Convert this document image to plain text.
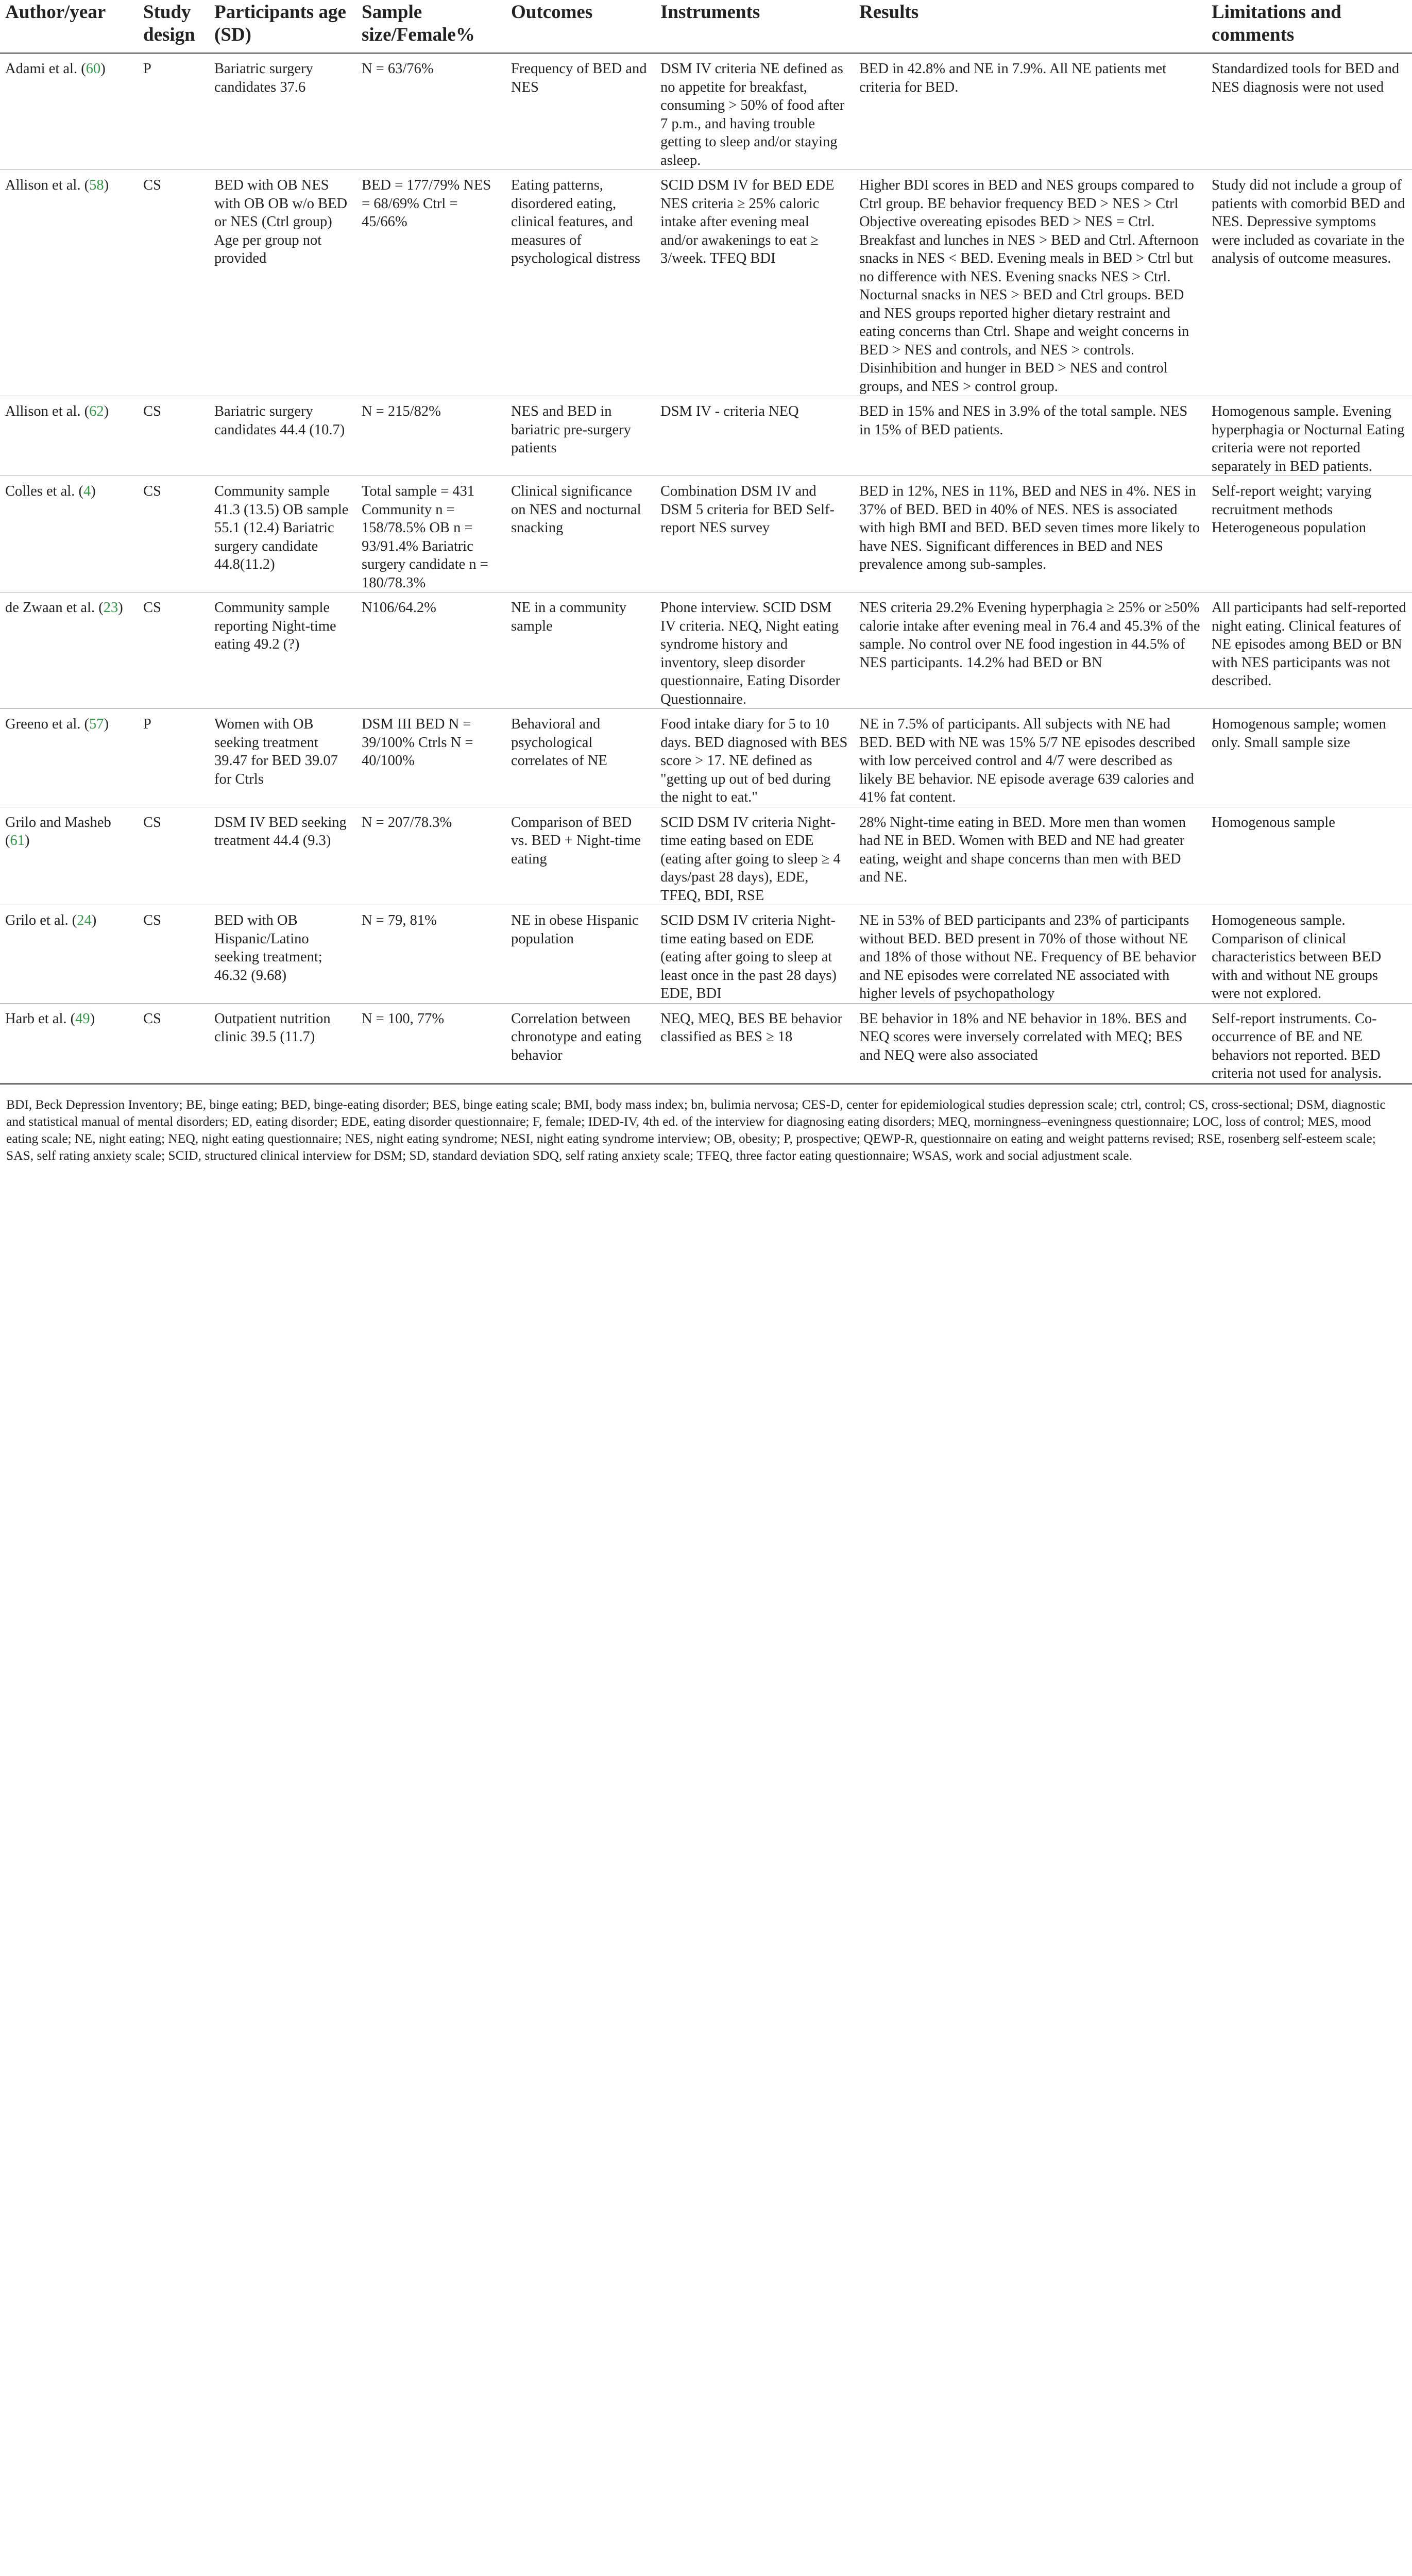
Author/year	Study design	Participants age (SD)	Sample size/Female%	Outcomes	Instruments	Results	Limitations and comments
Adami et al. (60)	P	Bariatric surgery candidates 37.6	N = 63/76%	Frequency of BED and NES	DSM IV criteria NE defined as no appetite for breakfast, consuming > 50% of food after 7 p.m., and having trouble getting to sleep and/or staying asleep.	BED in 42.8% and NE in 7.9%. All NE patients met criteria for BED.	Standardized tools for BED and NES diagnosis were not used
Allison et al. (58)	CS	BED with OB NES with OB OB w/o BED or NES (Ctrl group) Age per group not provided	BED = 177/79% NES = 68/69% Ctrl = 45/66%	Eating patterns, disordered eating, clinical features, and measures of psychological distress	SCID DSM IV for BED EDE NES criteria ≥ 25% caloric intake after evening meal and/or awakenings to eat ≥ 3/week. TFEQ BDI	Higher BDI scores in BED and NES groups compared to Ctrl group. BE behavior frequency BED > NES > Ctrl Objective overeating episodes BED > NES = Ctrl. Breakfast and lunches in NES > BED and Ctrl. Afternoon snacks in NES < BED. Evening meals in BED > Ctrl but no difference with NES. Evening snacks NES > Ctrl. Nocturnal snacks in NES > BED and Ctrl groups. BED and NES groups reported higher dietary restraint and eating concerns than Ctrl. Shape and weight concerns in BED > NES and controls, and NES > controls. Disinhibition and hunger in BED > NES and control groups, and NES > control group.	Study did not include a group of patients with comorbid BED and NES. Depressive symptoms were included as covariate in the analysis of outcome measures.
Allison et al. (62)	CS	Bariatric surgery candidates 44.4 (10.7)	N = 215/82%	NES and BED in bariatric pre-surgery patients	DSM IV - criteria NEQ	BED in 15% and NES in 3.9% of the total sample. NES in 15% of BED patients.	Homogenous sample. Evening hyperphagia or Nocturnal Eating criteria were not reported separately in BED patients.
Colles et al. (4)	CS	Community sample 41.3 (13.5) OB sample 55.1 (12.4) Bariatric surgery candidate 44.8(11.2)	Total sample = 431 Community n = 158/78.5% OB n = 93/91.4% Bariatric surgery candidate n = 180/78.3%	Clinical significance on NES and nocturnal snacking	Combination DSM IV and DSM 5 criteria for BED Self-report NES survey	BED in 12%, NES in 11%, BED and NES in 4%. NES in 37% of BED. BED in 40% of NES. NES is associated with high BMI and BED. BED seven times more likely to have NES. Significant differences in BED and NES prevalence among sub-samples.	Self-report weight; varying recruitment methods Heterogeneous population
de Zwaan et al. (23)	CS	Community sample reporting Night-time eating 49.2 (?)	N106/64.2%	NE in a community sample	Phone interview. SCID DSM IV criteria. NEQ, Night eating syndrome history and inventory, sleep disorder questionnaire, Eating Disorder Questionnaire.	NES criteria 29.2% Evening hyperphagia ≥ 25% or ≥50% calorie intake after evening meal in 76.4 and 45.3% of the sample. No control over NE food ingestion in 44.5% of NES participants. 14.2% had BED or BN	All participants had self-reported night eating. Clinical features of NE episodes among BED or BN with NES participants was not described.
Greeno et al. (57)	P	Women with OB seeking treatment 39.47 for BED 39.07 for Ctrls	DSM III BED N = 39/100% Ctrls N = 40/100%	Behavioral and psychological correlates of NE	Food intake diary for 5 to 10 days. BED diagnosed with BES score > 17. NE defined as "getting up out of bed during the night to eat."	NE in 7.5% of participants. All subjects with NE had BED. BED with NE was 15% 5/7 NE episodes described with low perceived control and 4/7 were described as likely BE behavior. NE episode average 639 calories and 41% fat content.	Homogenous sample; women only. Small sample size
Grilo and Masheb (61)	CS	DSM IV BED seeking treatment 44.4 (9.3)	N = 207/78.3%	Comparison of BED vs. BED + Night-time eating	SCID DSM IV criteria Night-time eating based on EDE (eating after going to sleep ≥ 4 days/past 28 days), EDE, TFEQ, BDI, RSE	28% Night-time eating in BED. More men than women had NE in BED. Women with BED and NE had greater eating, weight and shape concerns than men with BED and NE.	Homogenous sample
Grilo et al. (24)	CS	BED with OB Hispanic/Latino seeking treatment; 46.32 (9.68)	N = 79, 81%	NE in obese Hispanic population	SCID DSM IV criteria Night-time eating based on EDE (eating after going to sleep at least once in the past 28 days) EDE, BDI	NE in 53% of BED participants and 23% of participants without BED. BED present in 70% of those without NE and 18% of those without NE. Frequency of BE behavior and NE episodes were correlated NE associated with higher levels of psychopathology	Homogeneous sample. Comparison of clinical characteristics between BED with and without NE groups were not explored.
Harb et al. (49)	CS	Outpatient nutrition clinic 39.5 (11.7)	N = 100, 77%	Correlation between chronotype and eating behavior	NEQ, MEQ, BES BE behavior classified as BES ≥ 18	BE behavior in 18% and NE behavior in 18%. BES and NEQ scores were inversely correlated with MEQ; BES and NEQ were also associated	Self-report instruments. Co-occurrence of BE and NE behaviors not reported. BED criteria not used for analysis.
BDI, Beck Depression Inventory; BE, binge eating; BED, binge-eating disorder; BES, binge eating scale; BMI, body mass index; bn, bulimia nervosa; CES-D, center for epidemiological studies depression scale; ctrl, control; CS, cross-sectional; DSM, diagnostic and statistical manual of mental disorders; ED, eating disorder; EDE, eating disorder questionnaire; F, female; IDED-IV, 4th ed. of the interview for diagnosing eating disorders; MEQ, morningness–eveningness questionnaire; LOC, loss of control; MES, mood eating scale; NE, night eating; NEQ, night eating questionnaire; NES, night eating syndrome; NESI, night eating syndrome interview; OB, obesity; P, prospective; QEWP-R, questionnaire on eating and weight patterns revised; RSE, rosenberg self-esteem scale; SAS, self rating anxiety scale; SCID, structured clinical interview for DSM; SD, standard deviation SDQ, self rating anxiety scale; TFEQ, three factor eating questionnaire; WSAS, work and social adjustment scale.
